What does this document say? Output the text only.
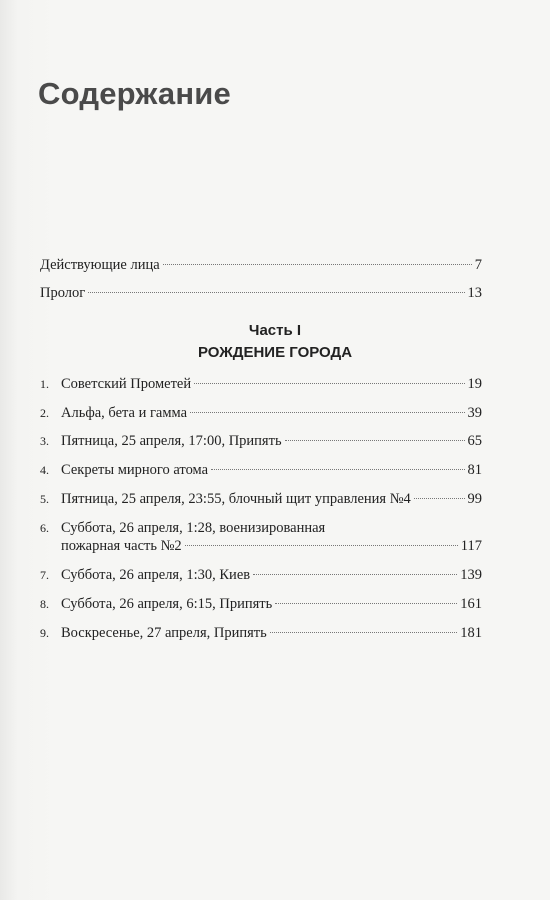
Содержание
Действующие лица	7
Пролог	13
Часть I
РОЖДЕНИЕ ГОРОДА
1. Советский Прометей	19
2. Альфа, бета и гамма	39
3. Пятница, 25 апреля, 17:00, Припять	65
4. Секреты мирного атома	81
5. Пятница, 25 апреля, 23:55, блочный щит управления №4	99
6. Суббота, 26 апреля, 1:28, военизированная
пожарная часть №2	117
7. Суббота, 26 апреля, 1:30, Киев	139
8. Суббота, 26 апреля, 6:15, Припять	161
9. Воскресенье, 27 апреля, Припять	181
